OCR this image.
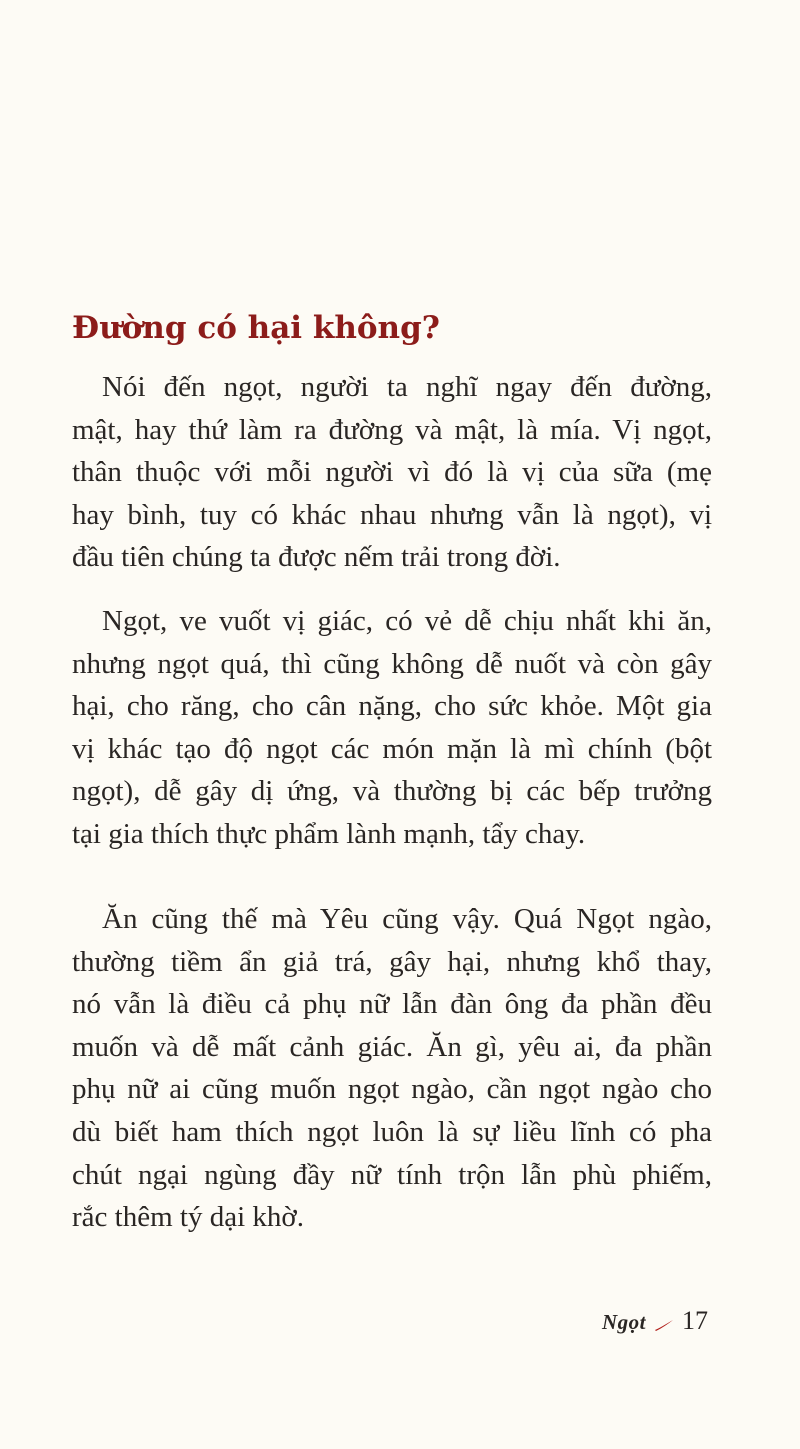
Đường có hại không?

Nói đến ngọt, người ta nghĩ ngay đến đường,
mật, hay thứ làm ra đường và mật, là mía. Vị ngọt,
thân thuộc với mỗi người vì đó là vị của sữa (mẹ
hay bình, tuy có khác nhau nhưng vẫn là ngọt), vị
đầu tiên chúng ta được nếm trải trong đời.

Ngọt, ve vuốt vị giác, có vẻ dễ chịu nhất khi ăn,
nhưng ngọt quá, thì cũng không dễ nuốt và còn gây
hại, cho răng, cho cân nặng, cho sức khỏe. Một gia
vị khác tạo độ ngọt các món mặn là mì chính (bột
ngọt), dễ gây dị ứng, và thường bị các bếp trưởng
tại gia thích thực phẩm lành mạnh, tẩy chay.

Ăn cũng thế mà Yêu cũng vậy. Quá Ngọt ngào,
thường tiềm ẩn giả trá, gây hại, nhưng khổ thay,
nó vẫn là điều cả phụ nữ lẫn đàn ông đa phần đều
muốn và dễ mất cảnh giác. Ăn gì, yêu ai, đa phần
phụ nữ ai cũng muốn ngọt ngào, cần ngọt ngào cho
dù biết ham thích ngọt luôn là sự liều lĩnh có pha
chút ngại ngùng đầy nữ tính trộn lẫn phù phiếm,
rắc thêm tý dại khờ.

Ngọt 17
